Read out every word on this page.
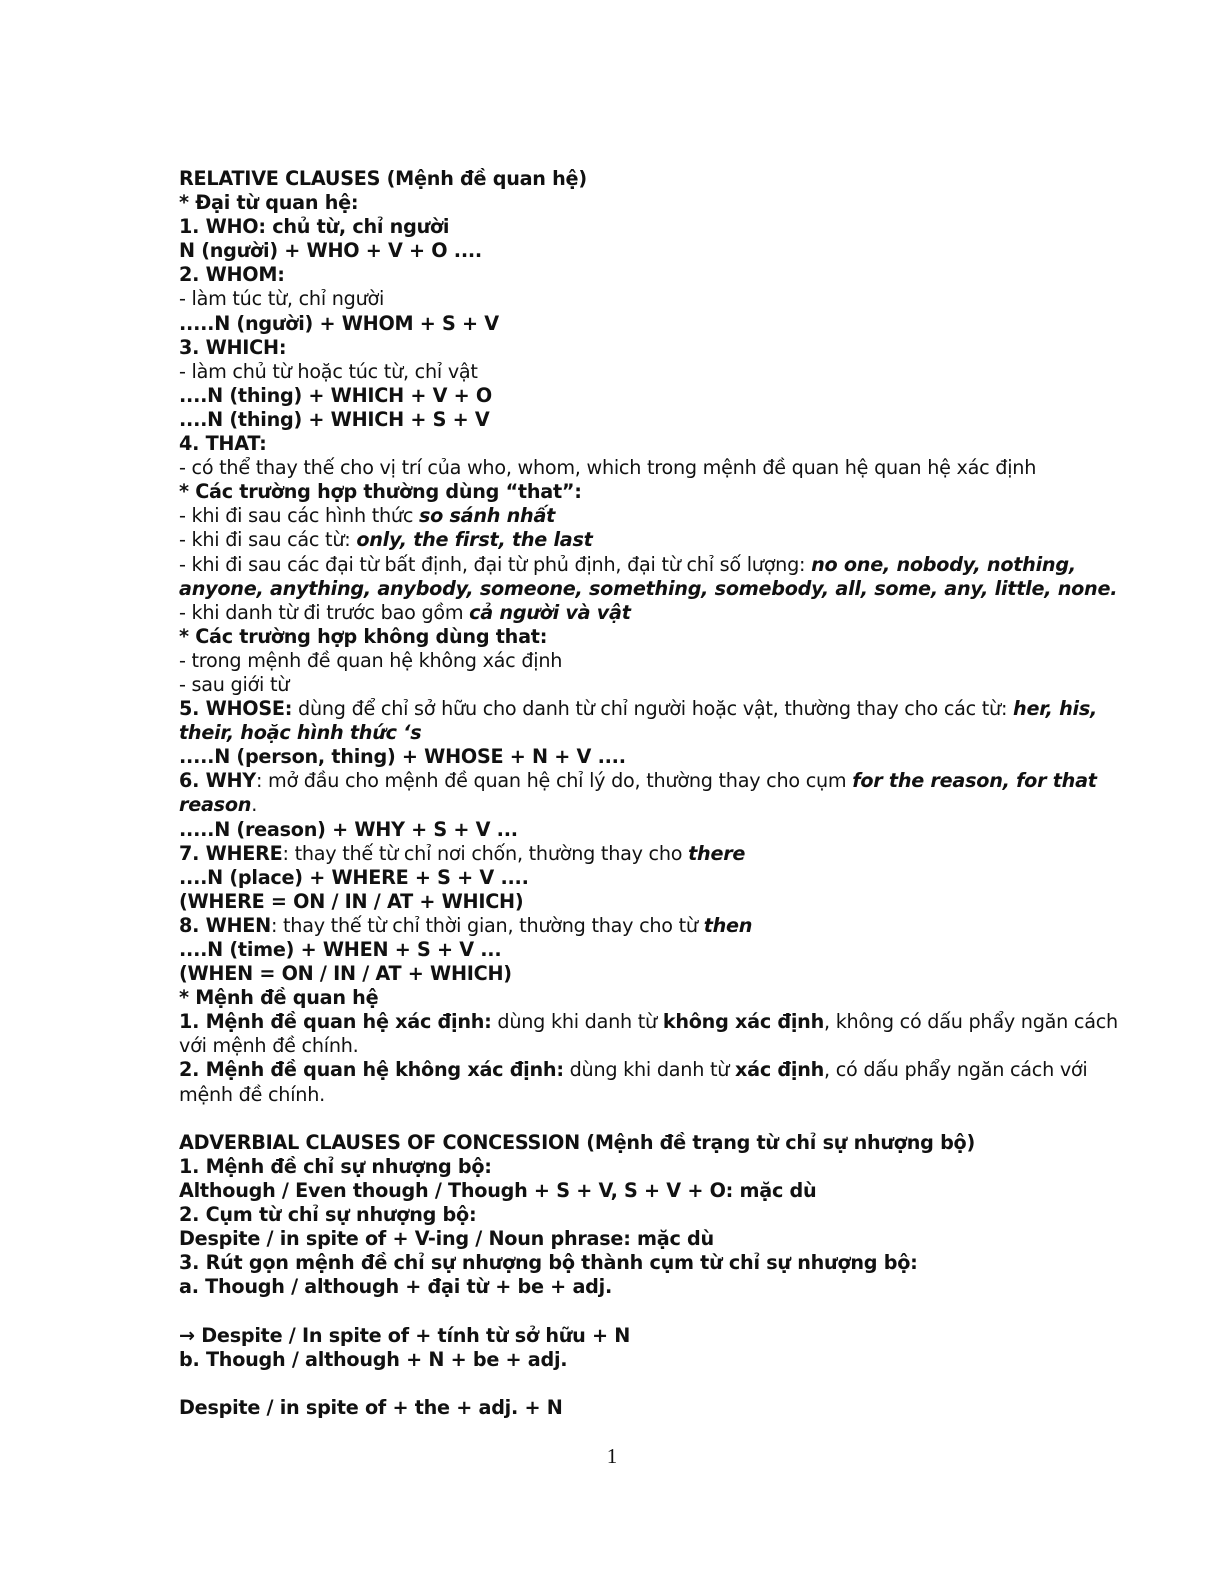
RELATIVE CLAUSES (Mệnh đề quan hệ)
* Đại từ quan hệ:
1. WHO: chủ từ, chỉ người
N (người) + WHO + V + O ....
2. WHOM:
- làm túc từ, chỉ người
.....N (người) + WHOM + S + V
3. WHICH:
- làm chủ từ hoặc túc từ, chỉ vật
....N (thing) + WHICH + V + O
....N (thing) + WHICH + S + V
4. THAT:
- có thể thay thế cho vị trí của who, whom, which trong mệnh đề quan hệ quan hệ xác định
* Các trường hợp thường dùng “that”:
- khi đi sau các hình thức so sánh nhất
- khi đi sau các từ: only, the first, the last
- khi đi sau các đại từ bất định, đại từ phủ định, đại từ chỉ số lượng: no one, nobody, nothing,
anyone, anything, anybody, someone, something, somebody, all, some, any, little, none.
- khi danh từ đi trước bao gồm cả người và vật
* Các trường hợp không dùng that:
- trong mệnh đề quan hệ không xác định
- sau giới từ
5. WHOSE: dùng để chỉ sở hữu cho danh từ chỉ người hoặc vật, thường thay cho các từ: her, his,
their, hoặc hình thức ‘s
.....N (person, thing) + WHOSE + N + V ....
6. WHY: mở đầu cho mệnh đề quan hệ chỉ lý do, thường thay cho cụm for the reason, for that
reason.
.....N (reason) + WHY + S + V ...
7. WHERE: thay thế từ chỉ nơi chốn, thường thay cho there
....N (place) + WHERE + S + V ....
(WHERE = ON / IN / AT + WHICH)
8. WHEN: thay thế từ chỉ thời gian, thường thay cho từ then
....N (time) + WHEN + S + V ...
(WHEN = ON / IN / AT + WHICH)
* Mệnh đề quan hệ
1. Mệnh đề quan hệ xác định: dùng khi danh từ không xác định, không có dấu phẩy ngăn cách
với mệnh đề chính.
2. Mệnh đề quan hệ không xác định: dùng khi danh từ xác định, có dấu phẩy ngăn cách với
mệnh đề chính.
ADVERBIAL CLAUSES OF CONCESSION (Mệnh đề trạng từ chỉ sự nhượng bộ)
1. Mệnh đề chỉ sự nhượng bộ:
Although / Even though / Though + S + V, S + V + O: mặc dù
2. Cụm từ chỉ sự nhượng bộ:
Despite / in spite of + V-ing / Noun phrase: mặc dù
3. Rút gọn mệnh đề chỉ sự nhượng bộ thành cụm từ chỉ sự nhượng bộ:
a. Though / although + đại từ + be + adj.
→ Despite / In spite of + tính từ sở hữu + N
b. Though / although + N + be + adj.
Despite / in spite of + the + adj. + N
1
